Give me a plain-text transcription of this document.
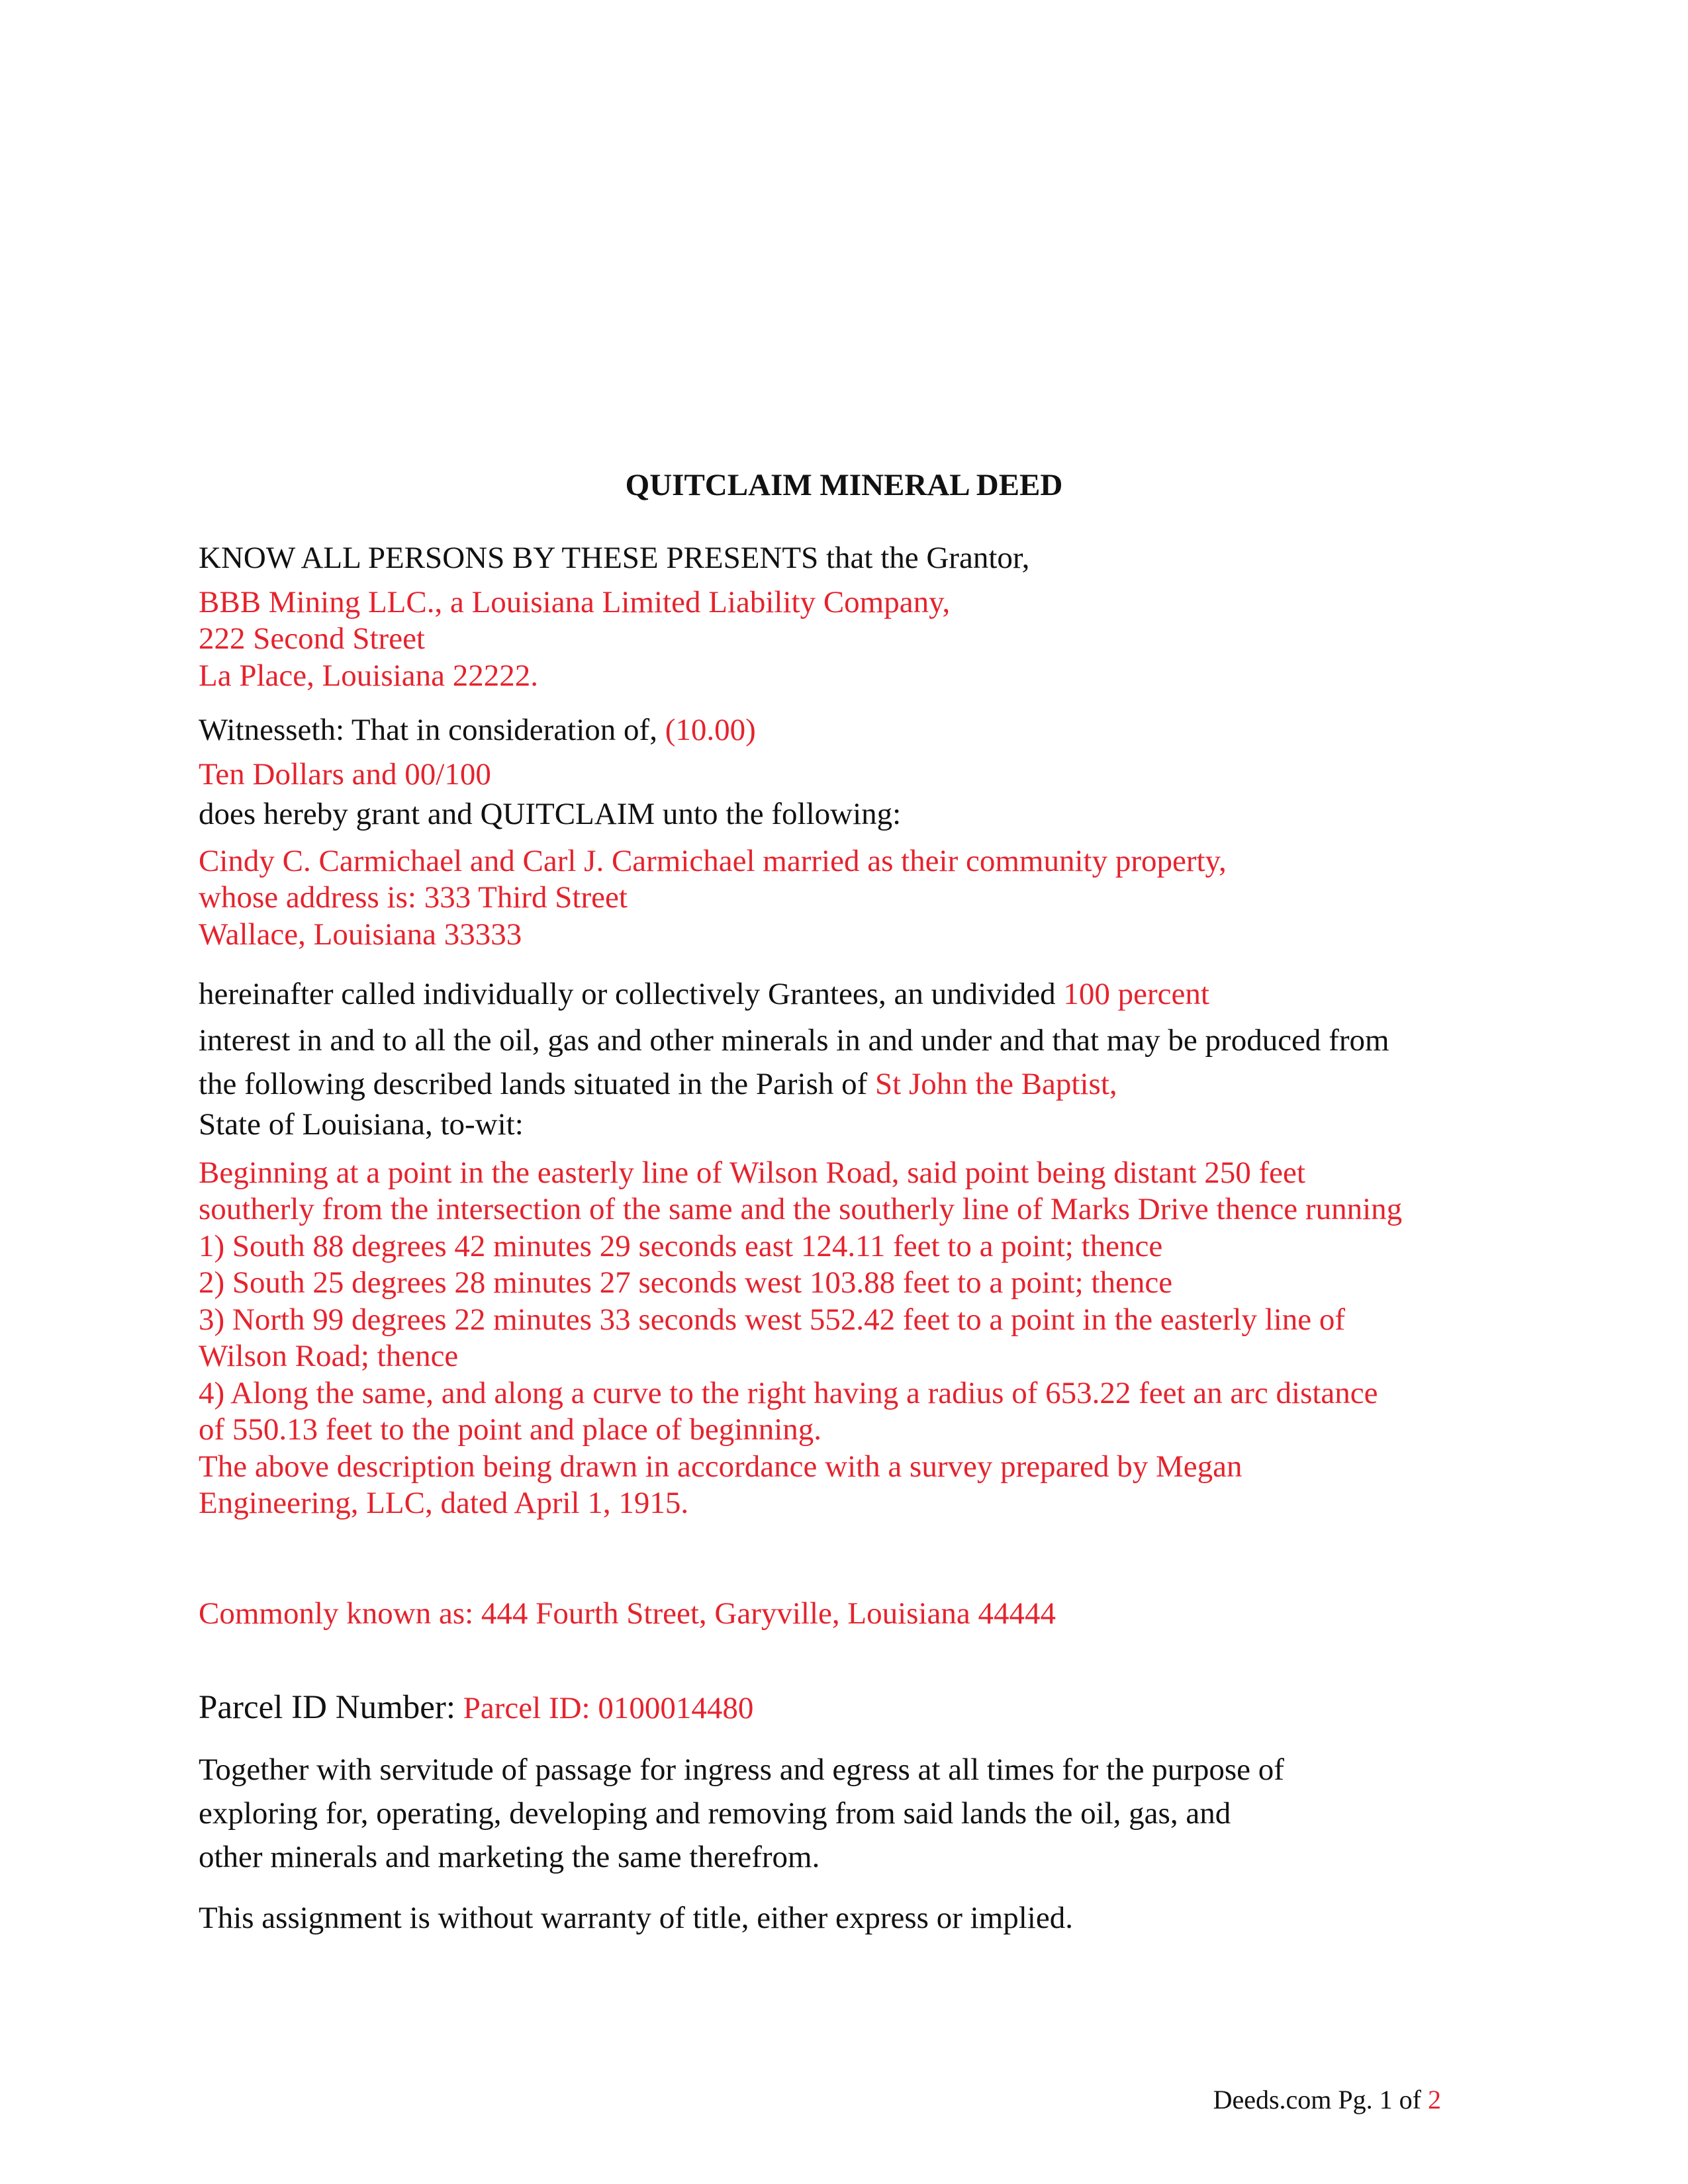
QUITCLAIM MINERAL DEED
KNOW ALL PERSONS BY THESE PRESENTS that the Grantor,
BBB Mining LLC., a Louisiana Limited Liability Company,
222 Second Street
La Place, Louisiana 22222.
Witnesseth: That in consideration of, (10.00)
Ten Dollars and 00/100
does hereby grant and QUITCLAIM unto the following:
Cindy C. Carmichael and Carl J. Carmichael married as their community property,
whose address is: 333 Third Street
Wallace, Louisiana 33333
hereinafter called individually or collectively Grantees, an undivided 100 percent
interest in and to all the oil, gas and other minerals in and under and that may be produced from
the following described lands situated in the Parish of St John the Baptist,
State of Louisiana, to-wit:
Beginning at a point in the easterly line of Wilson Road, said point being distant 250 feet
southerly from the intersection of the same and the southerly line of Marks Drive thence running
1) South 88 degrees 42 minutes 29 seconds east 124.11 feet to a point; thence
2) South 25 degrees 28 minutes 27 seconds west 103.88 feet to a point; thence
3) North 99 degrees 22 minutes 33 seconds west 552.42 feet to a point in the easterly line of
Wilson Road; thence
4) Along the same, and along a curve to the right having a radius of 653.22 feet an arc distance
of 550.13 feet to the point and place of beginning.
The above description being drawn in accordance with a survey prepared by Megan
Engineering, LLC, dated April 1, 1915.
Commonly known as: 444 Fourth Street, Garyville, Louisiana 44444
Parcel ID Number: Parcel ID: 0100014480
Together with servitude of passage for ingress and egress at all times for the purpose of
exploring for, operating, developing and removing from said lands the oil, gas, and
other minerals and marketing the same therefrom.
This assignment is without warranty of title, either express or implied.
Deeds.com Pg. 1 of 2
